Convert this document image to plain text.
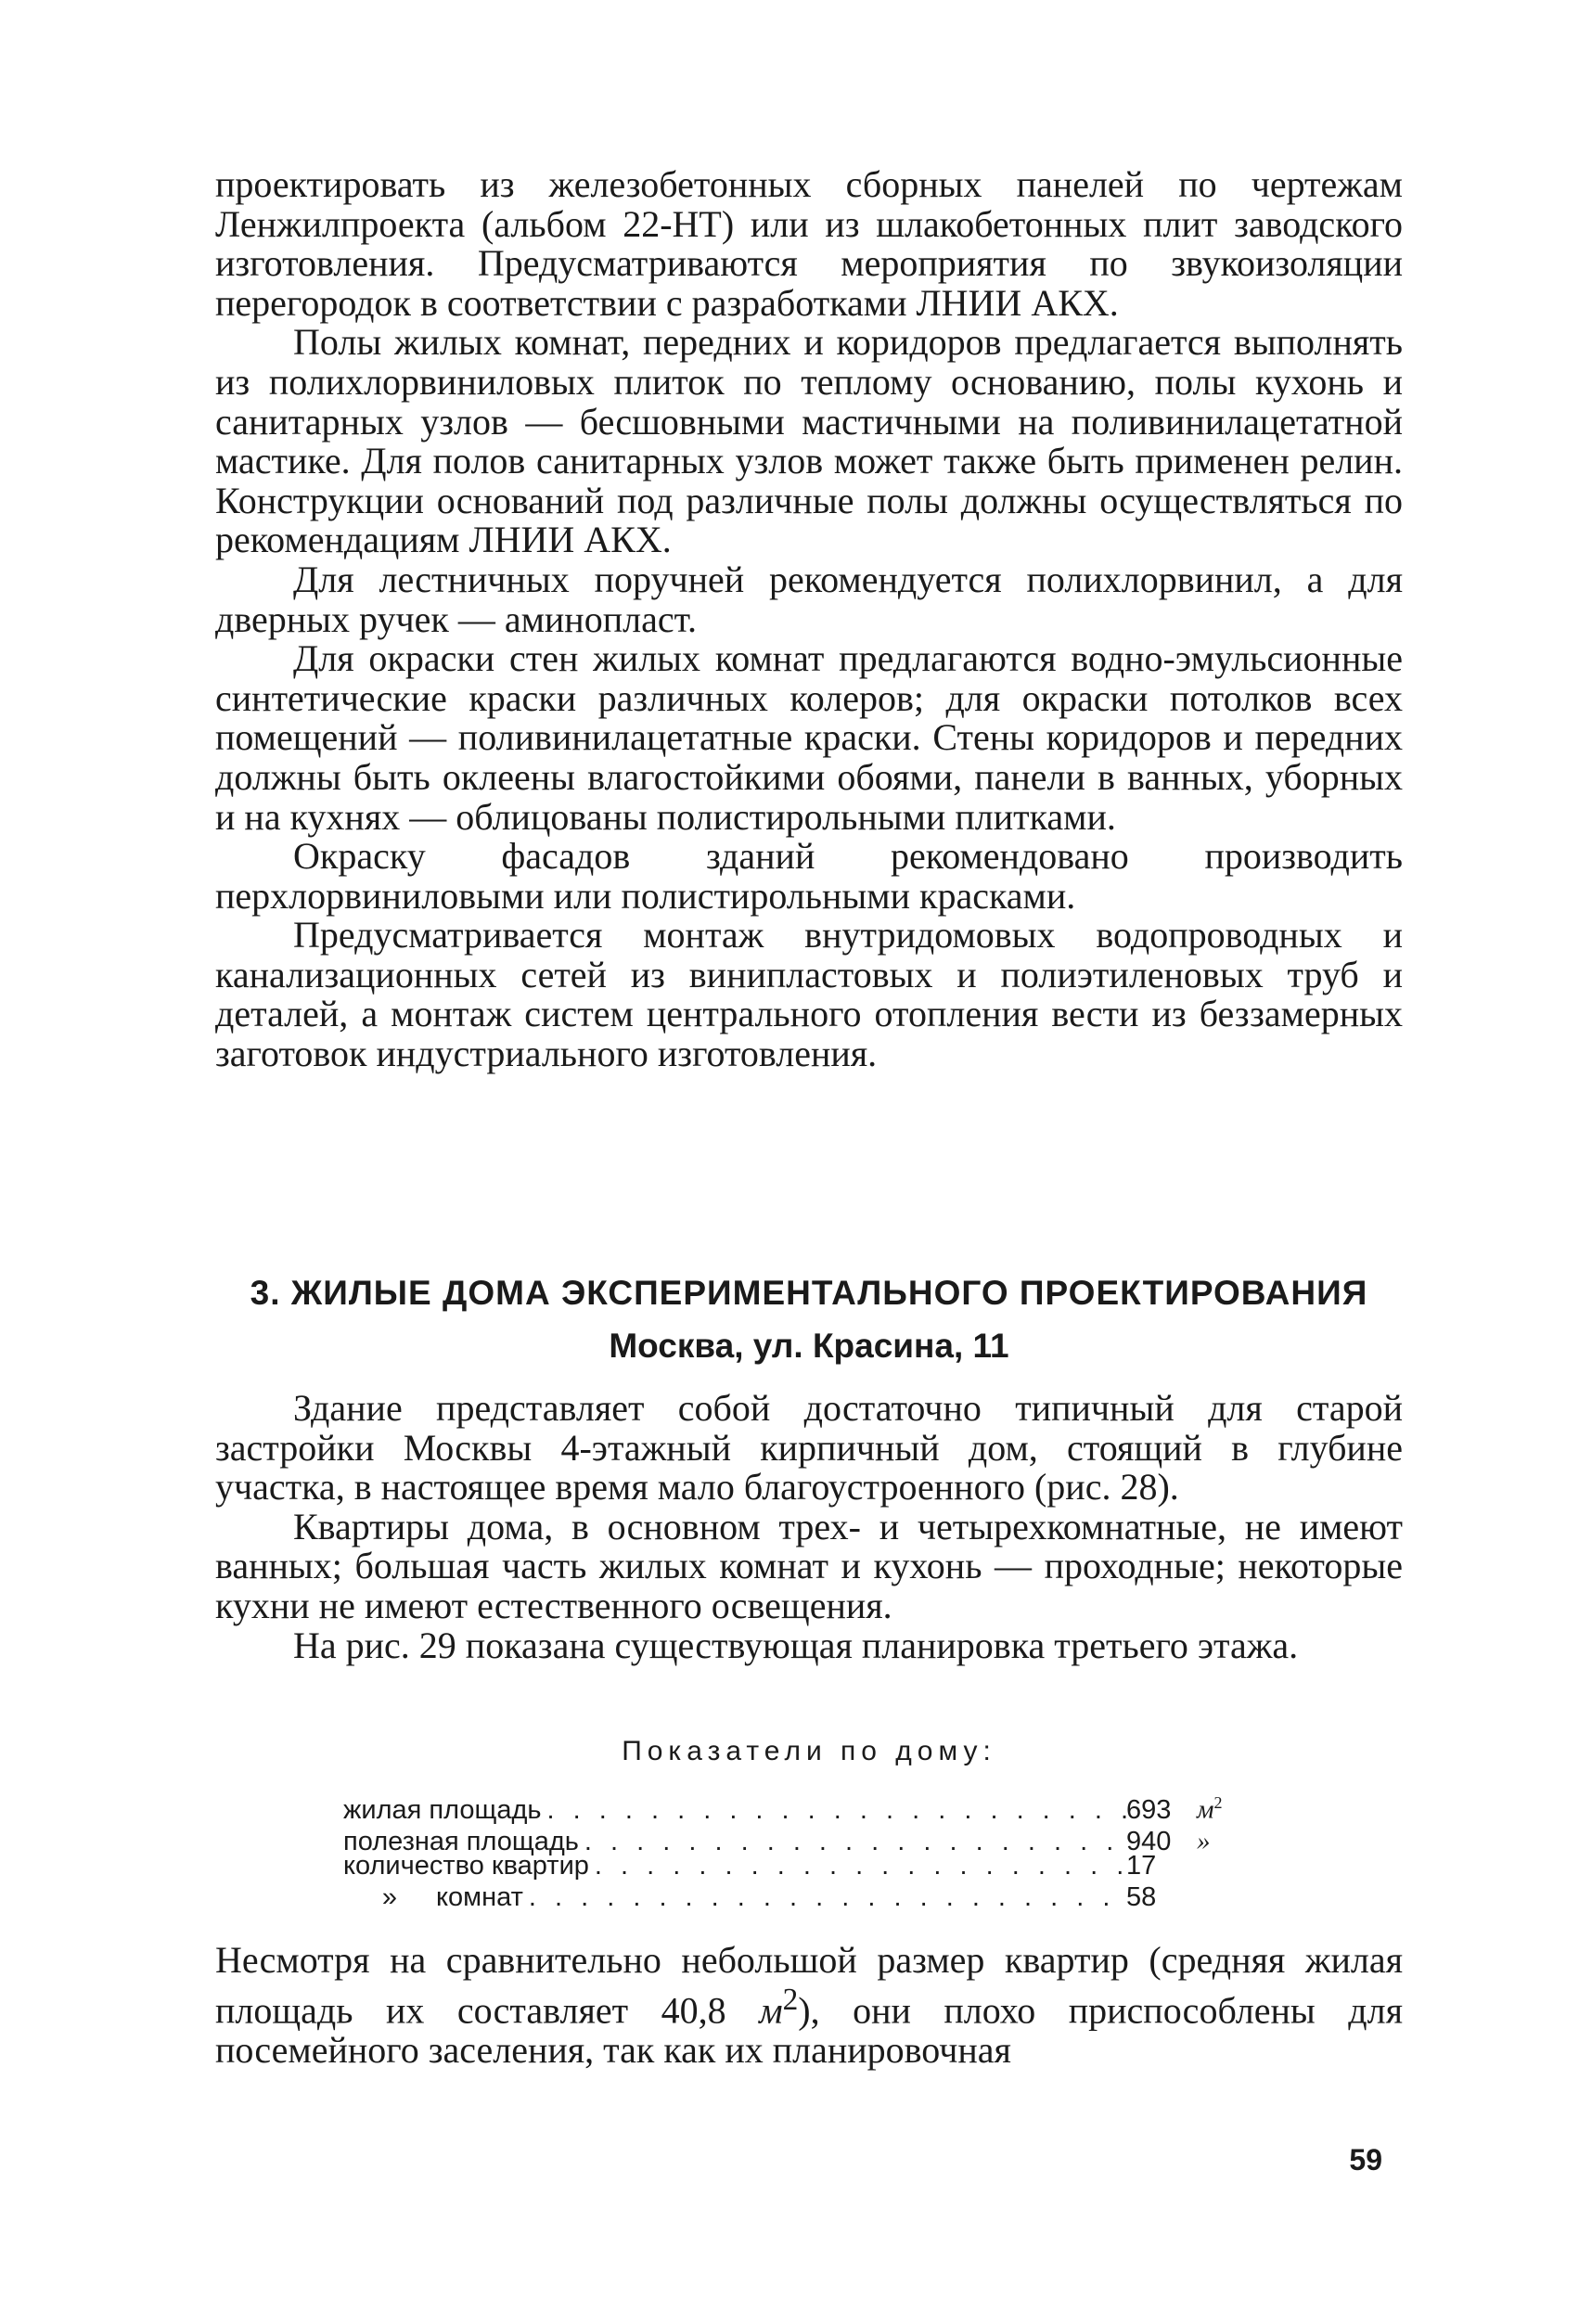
проектировать из железобетонных сборных панелей по чертежам Ленжилпроекта (альбом 22-НТ) или из шлакобетонных плит заводского изготовления. Предусматриваются мероприятия по звукоизоляции перегородок в соответствии с разработками ЛНИИ АКХ.

Полы жилых комнат, передних и коридоров предлагается выполнять из полихлорвиниловых плиток по теплому основанию, полы кухонь и санитарных узлов — бесшовными мастичными на поливинилацетатной мастике. Для полов санитарных узлов может также быть применен релин. Конструкции оснований под различные полы должны осуществляться по рекомендациям ЛНИИ АКХ.

Для лестничных поручней рекомендуется полихлорвинил, а для дверных ручек — аминопласт.

Для окраски стен жилых комнат предлагаются водно-эмульсионные синтетические краски различных колеров; для окраски потолков всех помещений — поливинилацетатные краски. Стены коридоров и передних должны быть оклеены влагостойкими обоями, панели в ванных, уборных и на кухнях — облицованы полистирольными плитками.

Окраску фасадов зданий рекомендовано производить перхлорвиниловыми или полистирольными красками.

Предусматривается монтаж внутридомовых водопроводных и канализационных сетей из винипластовых и полиэтиленовых труб и деталей, а монтаж систем центрального отопления вести из беззамерных заготовок индустриального изготовления.

3. ЖИЛЫЕ ДОМА ЭКСПЕРИМЕНТАЛЬНОГО ПРОЕКТИРОВАНИЯ
Москва, ул. Красина, 11

Здание представляет собой достаточно типичный для старой застройки Москвы 4-этажный кирпичный дом, стоящий в глубине участка, в настоящее время мало благоустроенного (рис. 28).

Квартиры дома, в основном трех- и четырехкомнатные, не имеют ванных; большая часть жилых комнат и кухонь — проходные; некоторые кухни не имеют естественного освещения.

На рис. 29 показана существующая планировка третьего этажа.

Показатели по дому:
жилая площадь . . .	693 $м^2$
полезная площадь . . .	940 »
количество квартир . . .	17
» комнат . . .	58

Несмотря на сравнительно небольшой размер квартир (средняя жилая площадь их составляет 40,8 $м^2$), они плохо приспособлены для посемейного заселения, так как их планировочная

59
